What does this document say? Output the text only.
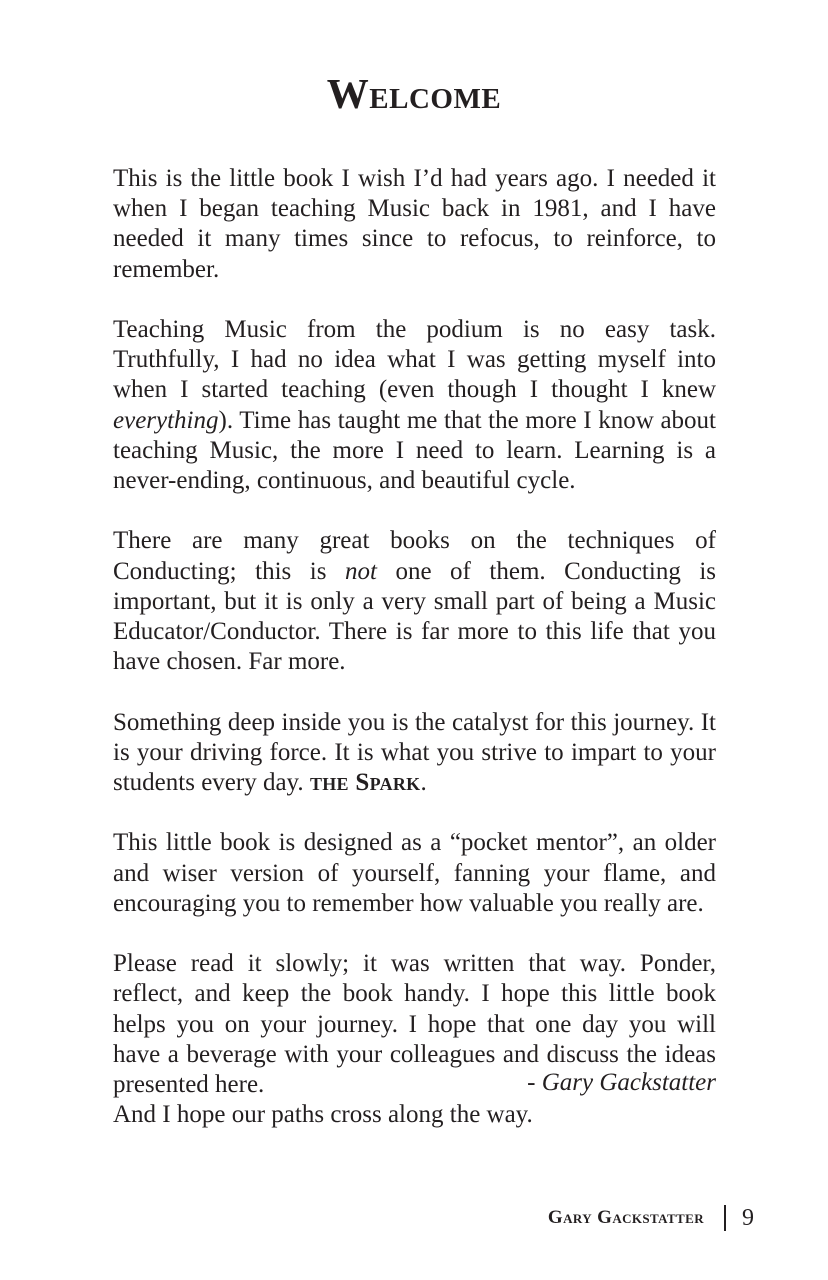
Welcome

This is the little book I wish I’d had years ago. I needed it when I began teaching Music back in 1981, and I have needed it many times since to refocus, to reinforce, to remember.

Teaching Music from the podium is no easy task. Truthfully, I had no idea what I was getting myself into when I started teaching (even though I thought I knew everything). Time has taught me that the more I know about teaching Music, the more I need to learn. Learning is a never-ending, continuous, and beautiful cycle.

There are many great books on the techniques of Conducting; this is not one of them. Conducting is important, but it is only a very small part of being a Music Educator/Conductor. There is far more to this life that you have chosen. Far more.

Something deep inside you is the catalyst for this journey. It is your driving force. It is what you strive to impart to your students every day. the Spark.

This little book is designed as a “pocket mentor”, an older and wiser version of yourself, fanning your flame, and encouraging you to remember how valuable you really are.

Please read it slowly; it was written that way. Ponder, reflect, and keep the book handy. I hope this little book helps you on your journey. I hope that one day you will have a beverage with your colleagues and discuss the ideas presented here.
And I hope our paths cross along the way.

- Gary Gackstatter
Gary Gackstatter 9
